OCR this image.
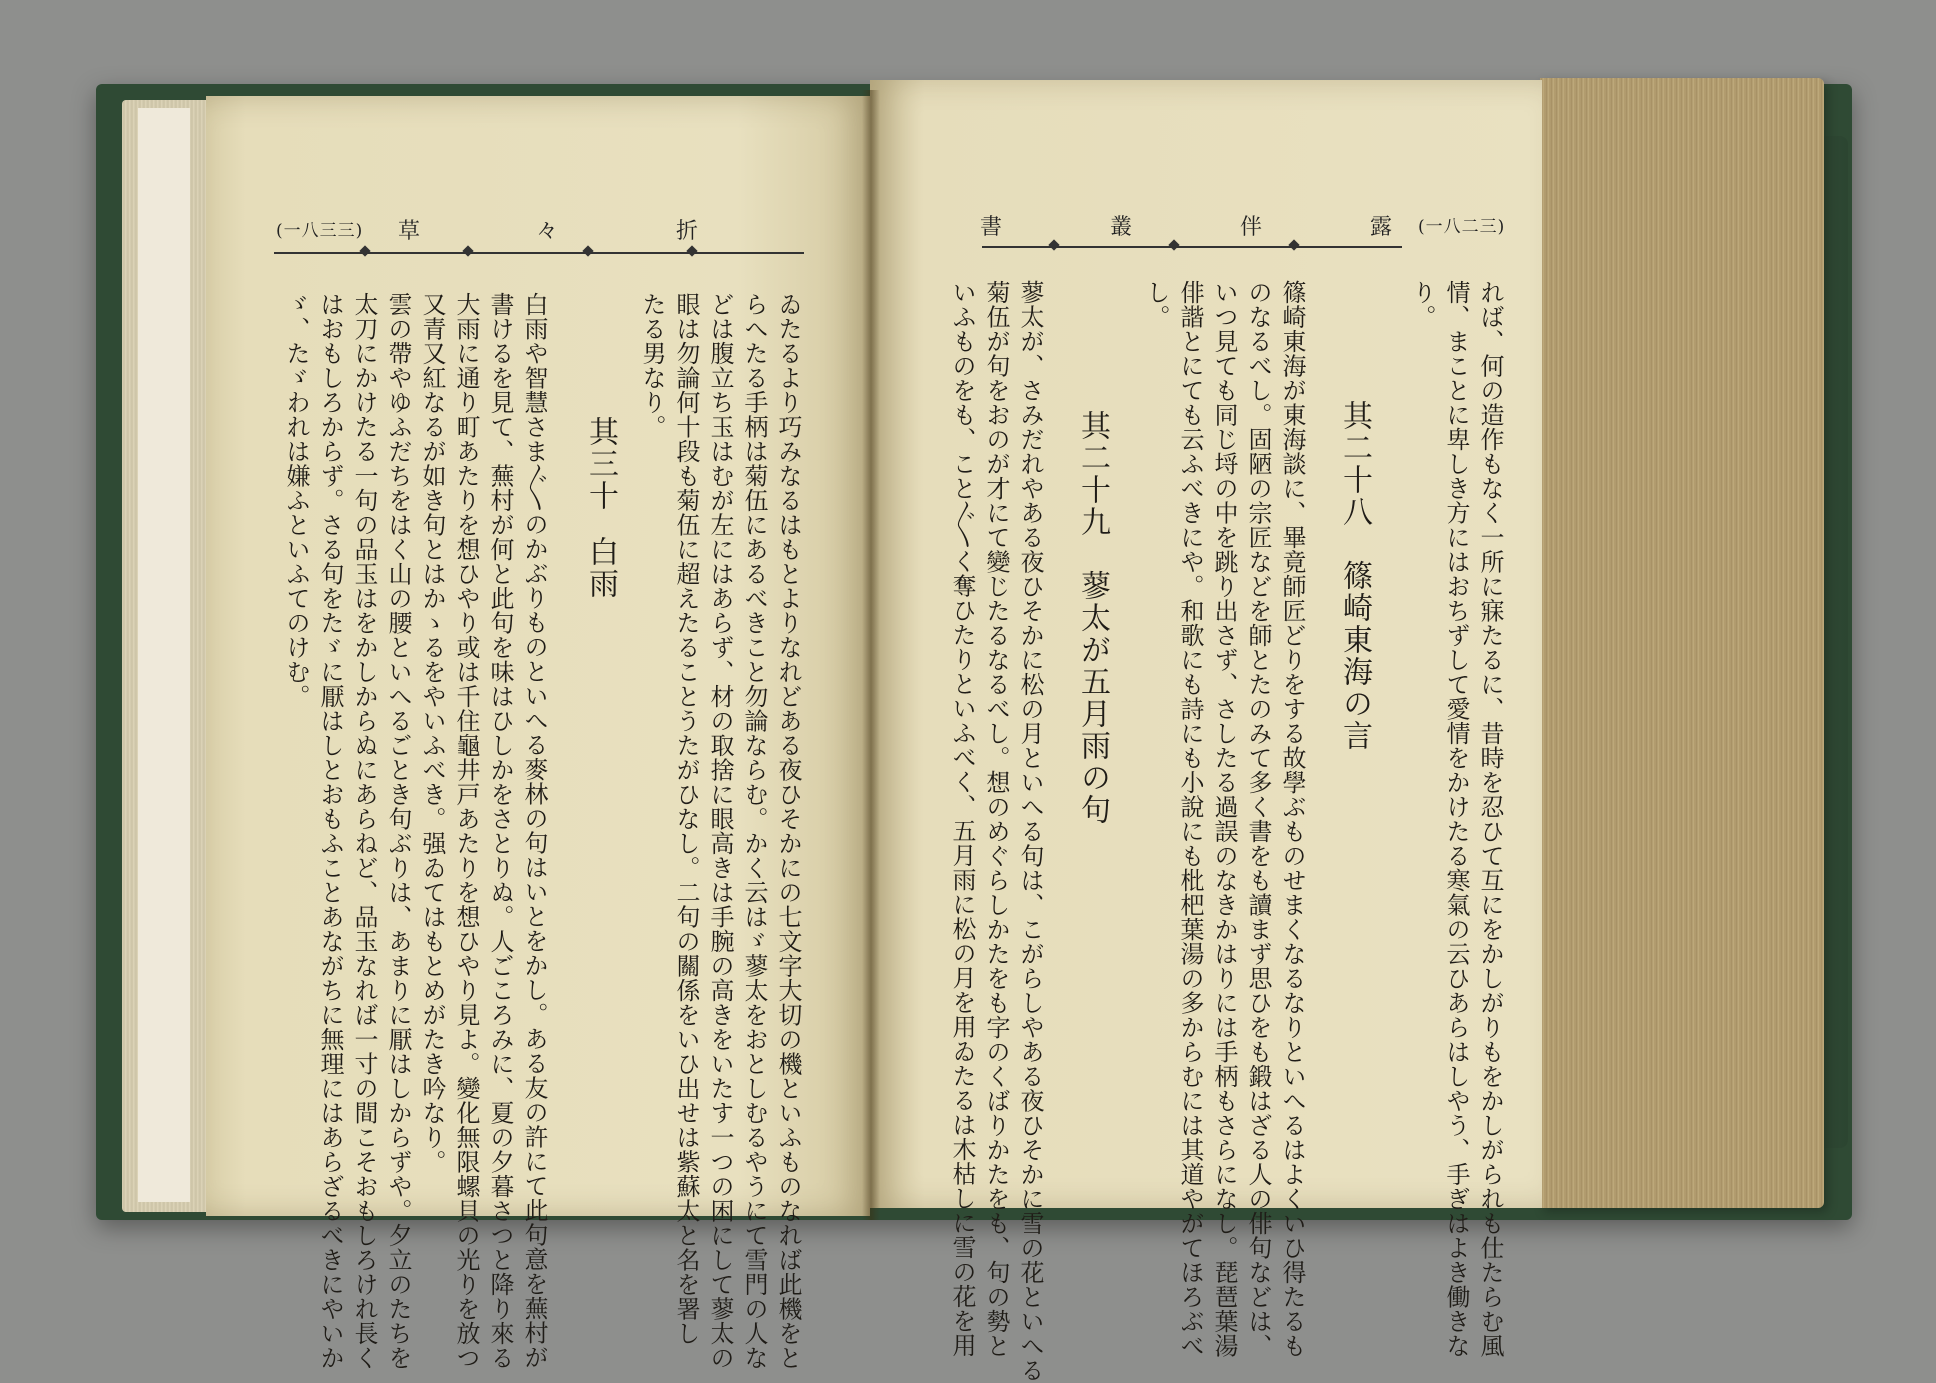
折
々
草
(一八三三)
たる男なり。 眼は勿論何十段も菊伍に超えたることうたがひなし。二句の關係をいひ出せは紫蘇太と名を署し どは腹立ち玉はむが左にはあらず、材の取捨に眼高きは手腕の高きをいたす一つの困にして蓼太の らへたる手柄は菊伍にあるべきこと勿論ならむ。かく云はゞ蓼太をおとしむるやうにて雪門の人な ゐたるより巧みなるはもとよりなれどある夜ひそかにの七文字大切の機といふものなれば此機をと
其三十
白雨
白雨や智慧さま〴〵のかぶりものといへる麥林の句はいとをかし。ある友の許にて此句意を蕪村が
書けるを見て、蕪村が何と此句を味はひしかをさとりぬ。人ごころみに、夏の夕暮さつと降り來る
大雨に通り町あたりを想ひやり或は千住龜井戸あたりを想ひやり見よ。變化無限螺貝の光りを放つ
又青又紅なるが如き句とはかゝるをやいふべき。强ゐてはもとめがたき吟なり。
雲の帶やゆふだちをはく山の腰といへるごとき句ぶりは、あまりに厭はしからずや。夕立のたちを
太刀にかけたる一句の品玉はをかしからぬにあらねど、品玉なれば一寸の間こそおもしろけれ長く
はおもしろからず。さる句をたゞに厭はしとおもふことあながちに無理にはあらざるべきにやいか
ゞ、たゞわれは嫌ふといふてのけむ。
露
伴
叢
書	(一八二三)
れば、何の造作もなく一所に寐たるに、昔時を忍ひて互にをかしがりもをかしがられも仕たらむ風
情、まことに卑しき方にはおちずして愛情をかけたる寒氣の云ひあらはしやう、手ぎはよき働きな
り。
其二十八
篠崎東海の言
篠崎東海が東海談に、畢竟師匠どりをする故學ぶものせまくなるなりといへるはよくいひ得たるも
のなるべし。固陋の宗匠などを師とたのみて多く書をも讀まず思ひをも鍛はざる人の俳句などは、
いつ見ても同じ埒の中を跳り出さず、さしたる過誤のなきかはりには手柄もさらになし。琵琶葉湯
俳諧とにても云ふべきにや。和歌にも詩にも小說にも枇杷葉湯の多からむには其道やがてほろぶべ
し。
其二十九
蓼太が五月雨の句
蓼太が、さみだれやある夜ひそかに松の月といへる句は、こがらしやある夜ひそかに雪の花といへる
菊伍が句をおのが才にて變じたるなるべし。想のめぐらしかたをも字のくばりかたをも、句の勢と
いふものをも、こと〴〵く奪ひたりといふべく、五月雨に松の月を用ゐたるは木枯しに雪の花を用
